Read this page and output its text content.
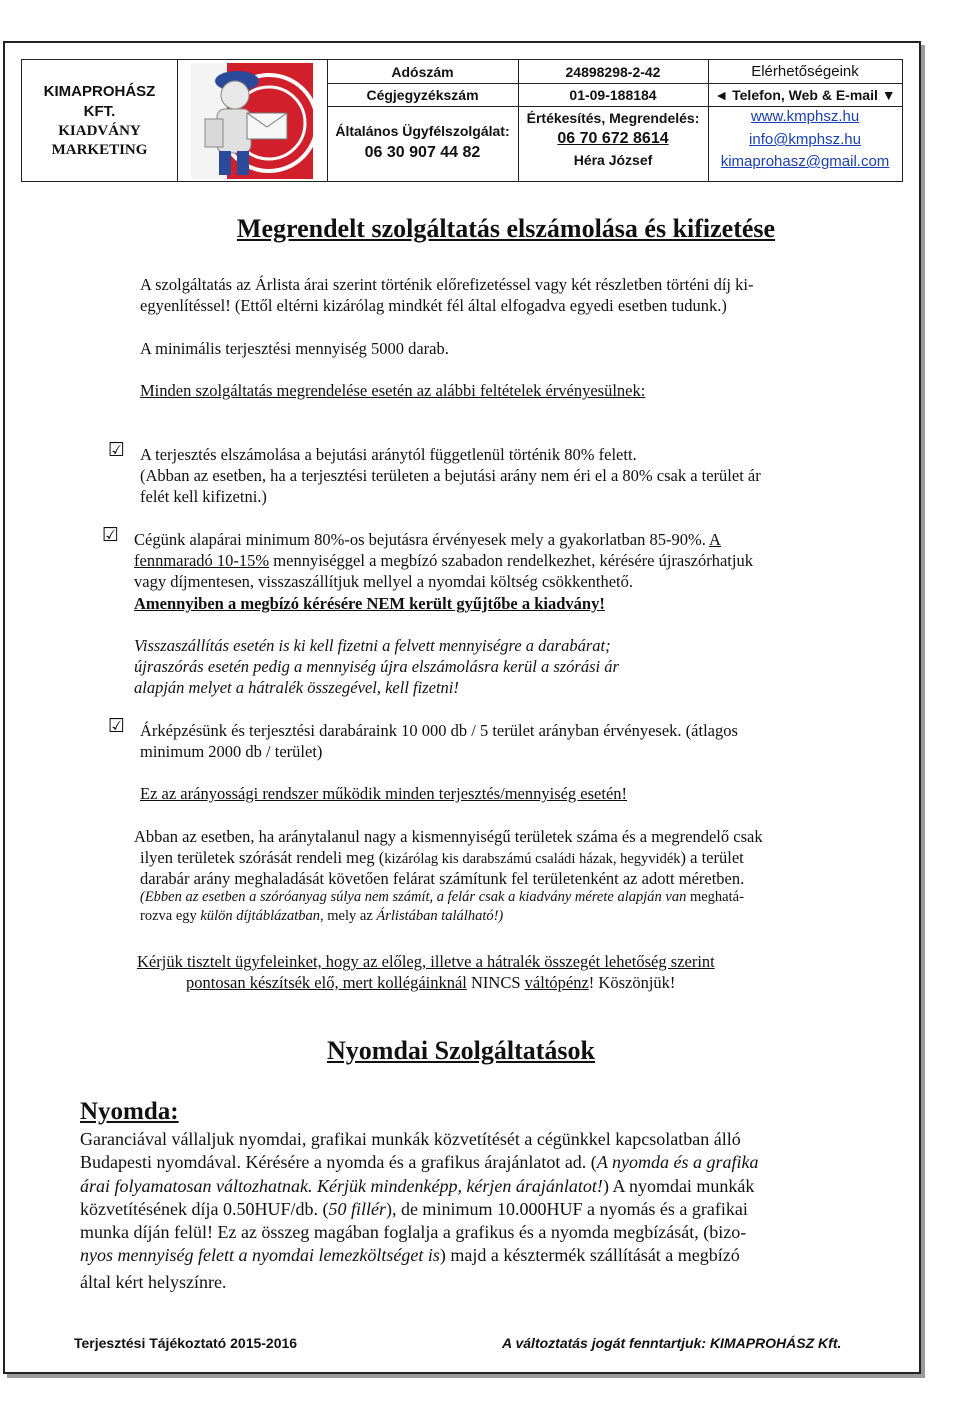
KIMAPROHÁSZ
KFT.
KIADVÁNY
MARKETING
Adószám
Cégjegyzékszám
Általános Ügyfélszolgálat:
06 30 907 44 82
24898298-2-42
01-09-188184
Értékesítés, Megrendelés:
06 70 672 8614
Héra József
Elérhetőségeink
◄ Telefon, Web & E-mail ▼
www.kmphsz.hu
info@kmphsz.hu
kimaprohasz@gmail.com
Megrendelt szolgáltatás elszámolása és kifizetése
A szolgáltatás az Árlista árai szerint történik előrefizetéssel vagy két részletben történi díj ki-
egyenlítéssel! (Ettől eltérni kizárólag mindkét fél által elfogadva egyedi esetben tudunk.)
A minimális terjesztési mennyiség 5000 darab.
Minden szolgáltatás megrendelése esetén az alábbi feltételek érvényesülnek:
☑ A terjesztés elszámolása a bejutási aránytól függetlenül történik 80% felett.
(Abban az esetben, ha a terjesztési területen a bejutási arány nem éri el a 80% csak a terület ár
felét kell kifizetni.)
☑ Cégünk alapárai minimum 80%-os bejutásra érvényesek mely a gyakorlatban 85-90%. A
fennmaradó 10-15% mennyiséggel a megbízó szabadon rendelkezhet, kérésére újraszórhatjuk
vagy díjmentesen, visszaszállítjuk mellyel a nyomdai költség csökkenthető.
Amennyiben a megbízó kérésére NEM került gyűjtőbe a kiadvány!
Visszaszállítás esetén is ki kell fizetni a felvett mennyiségre a darabárat;
újraszórás esetén pedig a mennyiség újra elszámolásra kerül a szórási ár
alapján melyet a hátralék összegével, kell fizetni!
☑ Árképzésünk és terjesztési darabáraink 10 000 db / 5 terület arányban érvényesek. (átlagos
minimum 2000 db / terület)
Ez az arányossági rendszer működik minden terjesztés/mennyiség esetén!
Abban az esetben, ha aránytalanul nagy a kismennyiségű területek száma és a megrendelő csak
ilyen területek szórását rendeli meg (kizárólag kis darabszámú családi házak, hegyvidék) a terület
darabár arány meghaladását követően felárat számítunk fel területenként az adott méretben.
(Ebben az esetben a szóróanyag súlya nem számít, a felár csak a kiadvány mérete alapján van meghatá-
rozva egy külön díjtáblázatban, mely az Árlistában található!)
Kérjük tisztelt ügyfeleinket, hogy az előleg, illetve a hátralék összegét lehetőség szerint
pontosan készítsék elő, mert kollégáinknál NINCS váltópénz! Köszönjük!
Nyomdai Szolgáltatások
Nyomda:
Garanciával vállaljuk nyomdai, grafikai munkák közvetítését a cégünkkel kapcsolatban álló
Budapesti nyomdával. Kérésére a nyomda és a grafikus árajánlatot ad. (A nyomda és a grafika
árai folyamatosan változhatnak. Kérjük mindenképp, kérjen árajánlatot!) A nyomdai munkák
közvetítésének díja 0.50HUF/db. (50 fillér), de minimum 10.000HUF a nyomás és a grafikai
munka díján felül! Ez az összeg magában foglalja a grafikus és a nyomda megbízását, (bizo-
nyos mennyiség felett a nyomdai lemezköltséget is) majd a késztermék szállítását a megbízó
által kért helyszínre.
Terjesztési Tájékoztató 2015-2016	A változtatás jogát fenntartjuk: KIMAPROHÁSZ Kft.
